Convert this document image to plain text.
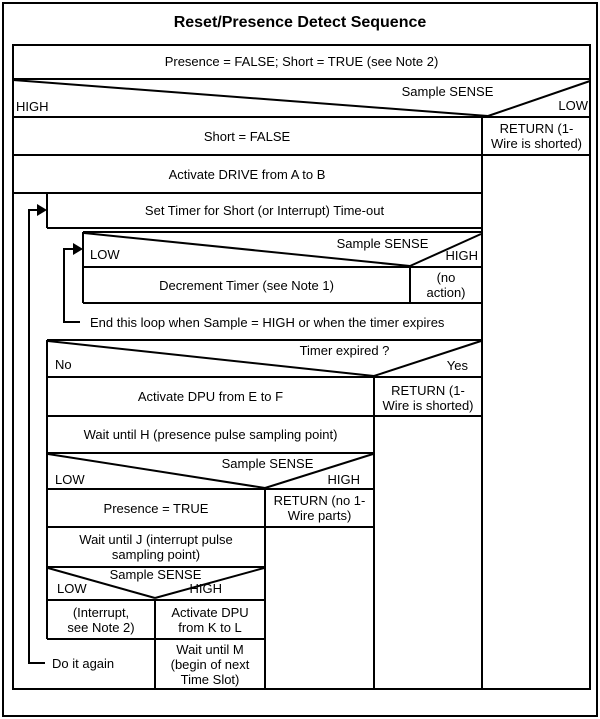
Reset/Presence Detect Sequence
Presence = FALSE; Short = TRUE (see Note 2)
Sample SENSE
HIGH	LOW
Short = FALSE	RETURN (1-Wire is shorted)
Activate DRIVE from A to B
Set Timer for Short (or Interrupt) Time-out
Sample SENSE
LOW	HIGH
Decrement Timer (see Note 1)	(no action)
End this loop when Sample = HIGH or when the timer expires
Timer expired ?
No	Yes
Activate DPU from E to F	RETURN (1-Wire is shorted)
Wait until H (presence pulse sampling point)
Sample SENSE
LOW	HIGH
Presence = TRUE	RETURN (no 1-Wire parts)
Wait until J (interrupt pulse sampling point)
Sample SENSE
LOW	HIGH
(Interrupt, see Note 2)
Activate DPU from K to L
Wait until M (begin of next Time Slot)
Do it again
